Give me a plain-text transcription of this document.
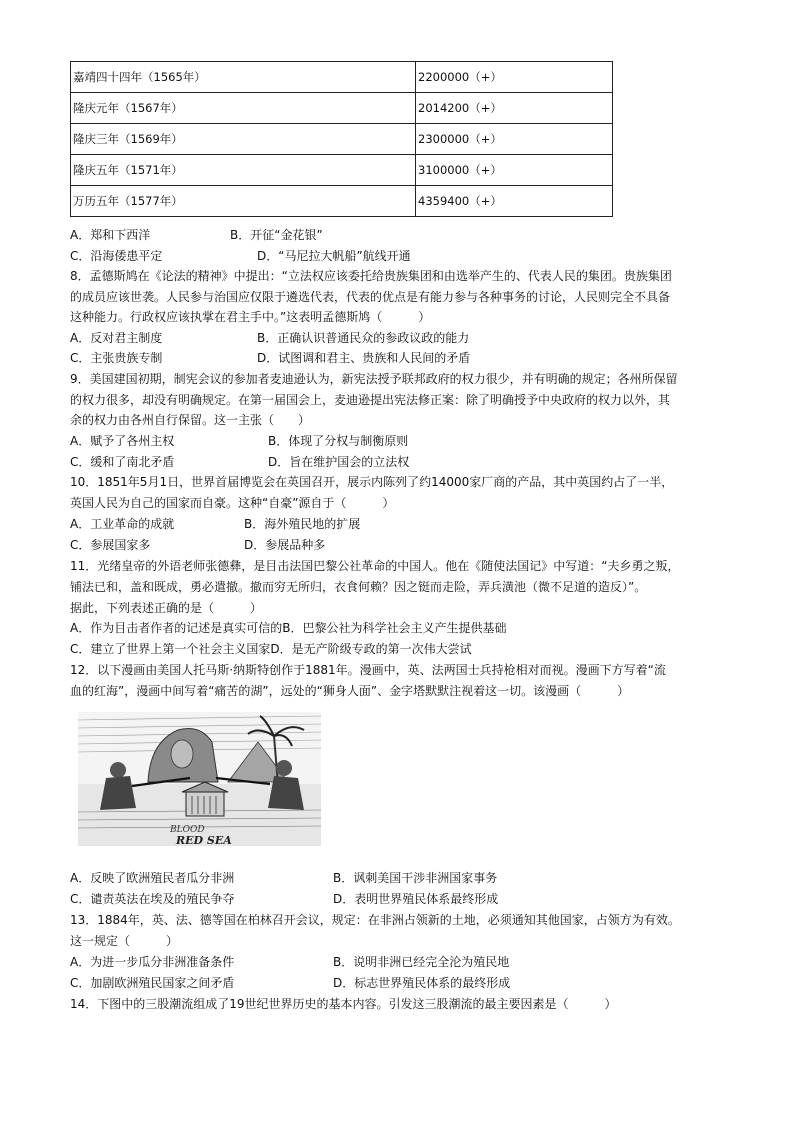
嘉靖四十四年（1565年）	2200000（+）
隆庆元年（1567年）	2014200（+）
隆庆三年（1569年）	2300000（+）
隆庆五年（1571年）	3100000（+）
万历五年（1577年）	4359400（+）
A．郑和下西洋	B．开征“金花银”
C．沿海倭患平定	D．“马尼拉大帆船”航线开通
8．孟德斯鸠在《论法的精神》中提出：“立法权应该委托给贵族集团和由选举产生的、代表人民的集团。贵族集团
的成员应该世袭。人民参与治国应仅限于遴选代表，代表的优点是有能力参与各种事务的讨论，人民则完全不具备
这种能力。行政权应该执掌在君主手中。”这表明孟德斯鸠（　　　）
A．反对君主制度	B．正确认识普通民众的参政议政的能力
C．主张贵族专制	D．试图调和君主、贵族和人民间的矛盾
9．美国建国初期，制宪会议的参加者麦迪逊认为，新宪法授予联邦政府的权力很少，并有明确的规定；各州所保留
的权力很多，却没有明确规定。在第一届国会上，麦迪逊提出宪法修正案：除了明确授予中央政府的权力以外，其
余的权力由各州自行保留。这一主张（　　）
A．赋予了各州主权	B．体现了分权与制衡原则
C．缓和了南北矛盾	D．旨在维护国会的立法权
10．1851年5月1日，世界首届博览会在英国召开，展示内陈列了约14000家厂商的产品，其中英国约占了一半，
英国人民为自己的国家而自豪。这种“自豪”源自于（　　　）
A．工业革命的成就	B．海外殖民地的扩展
C．参展国家多	D．参展品种多
11．光绪皇帝的外语老师张德彝，是目击法国巴黎公社革命的中国人。他在《随使法国记》中写道：“夫乡勇之叛，
铺法已和，盖和既成，勇必遣撤。撤而穷无所归，衣食何赖？因之铤而走险，弄兵潢池（微不足道的造反）”。
据此，下列表述正确的是（　　　）
A．作为目击者作者的记述是真实可信的B．巴黎公社为科学社会主义产生提供基础
C．建立了世界上第一个社会主义国家D．是无产阶级专政的第一次伟大尝试
12．以下漫画由美国人托马斯·纳斯特创作于1881年。漫画中，英、法两国士兵持枪相对而视。漫画下方写着“流
血的红海”，漫画中间写着“痛苦的湖”，远处的“狮身人面”、金字塔默默注视着这一切。该漫画（　　　）
BLOOD
RED SEA
A．反映了欧洲殖民者瓜分非洲	B．讽刺美国干涉非洲国家事务
C．谴责英法在埃及的殖民争夺	D．表明世界殖民体系最终形成
13．1884年，英、法、德等国在柏林召开会议，规定：在非洲占领新的土地，必须通知其他国家，占领方为有效。
这一规定（　　　）
A．为进一步瓜分非洲准备条件	B．说明非洲已经完全沦为殖民地
C．加剧欧洲殖民国家之间矛盾	D．标志世界殖民体系的最终形成
14．下图中的三股潮流组成了19世纪世界历史的基本内容。引发这三股潮流的最主要因素是（　　　）
